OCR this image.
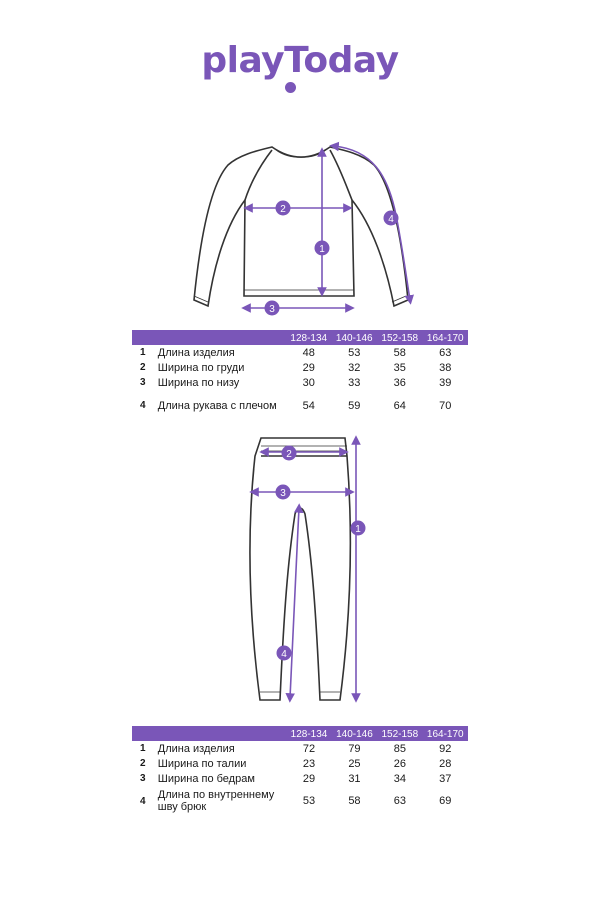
playToday
1
2
3
4
		128-134	140-146	152-158	164-170
1	Длина изделия	48	53	58	63
2	Ширина по груди	29	32	35	38
3	Ширина по низу	30	33	36	39

4	Длина рукава с плечом	54	59	64	70
1
2
3
4
		128-134	140-146	152-158	164-170
1	Длина изделия	72	79	85	92
2	Ширина по талии	23	25	26	28
3	Ширина по бедрам	29	31	34	37
4	Длина по внутреннему шву брюк	53	58	63	69
